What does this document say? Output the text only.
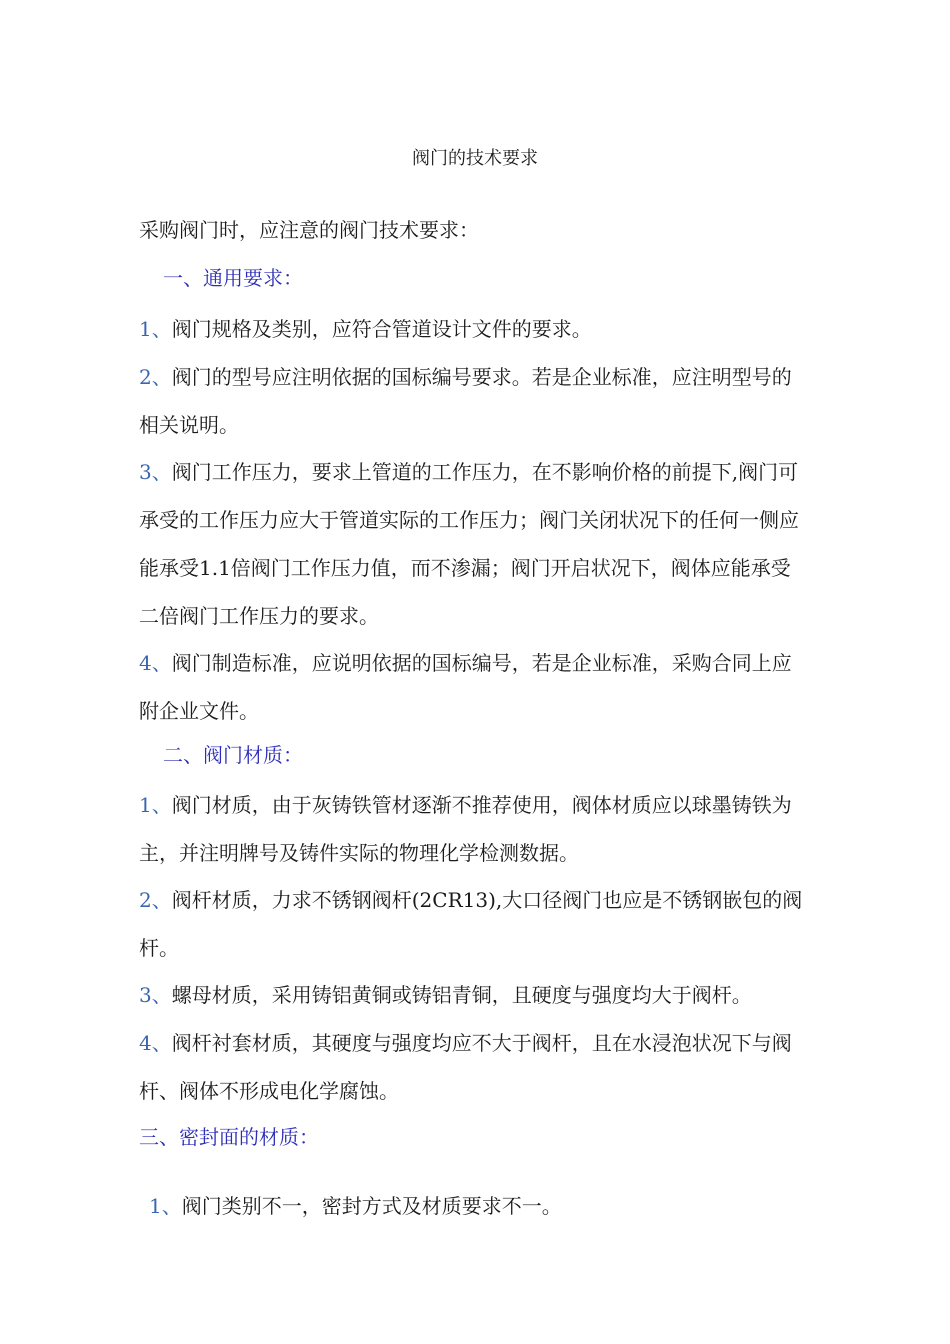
阀门的技术要求
采购阀门时，应注意的阀门技术要求：
一、通用要求：
1、阀门规格及类别，应符合管道设计文件的要求。
2、阀门的型号应注明依据的国标编号要求。若是企业标准，应注明型号的相关说明。
3、阀门工作压力，要求上管道的工作压力，在不影响价格的前提下,阀门可承受的工作压力应大于管道实际的工作压力；阀门关闭状况下的任何一侧应能承受1.1倍阀门工作压力值，而不渗漏；阀门开启状况下，阀体应能承受二倍阀门工作压力的要求。
4、阀门制造标准，应说明依据的国标编号，若是企业标准，采购合同上应附企业文件。
二、阀门材质：
1、阀门材质，由于灰铸铁管材逐渐不推荐使用，阀体材质应以球墨铸铁为主，并注明牌号及铸件实际的物理化学检测数据。
2、阀杆材质，力求不锈钢阀杆(2CR13),大口径阀门也应是不锈钢嵌包的阀杆。
3、螺母材质，采用铸铝黄铜或铸铝青铜，且硬度与强度均大于阀杆。
4、阀杆衬套材质，其硬度与强度均应不大于阀杆，且在水浸泡状况下与阀杆、阀体不形成电化学腐蚀。
三、密封面的材质：
1、阀门类别不一，密封方式及材质要求不一。
